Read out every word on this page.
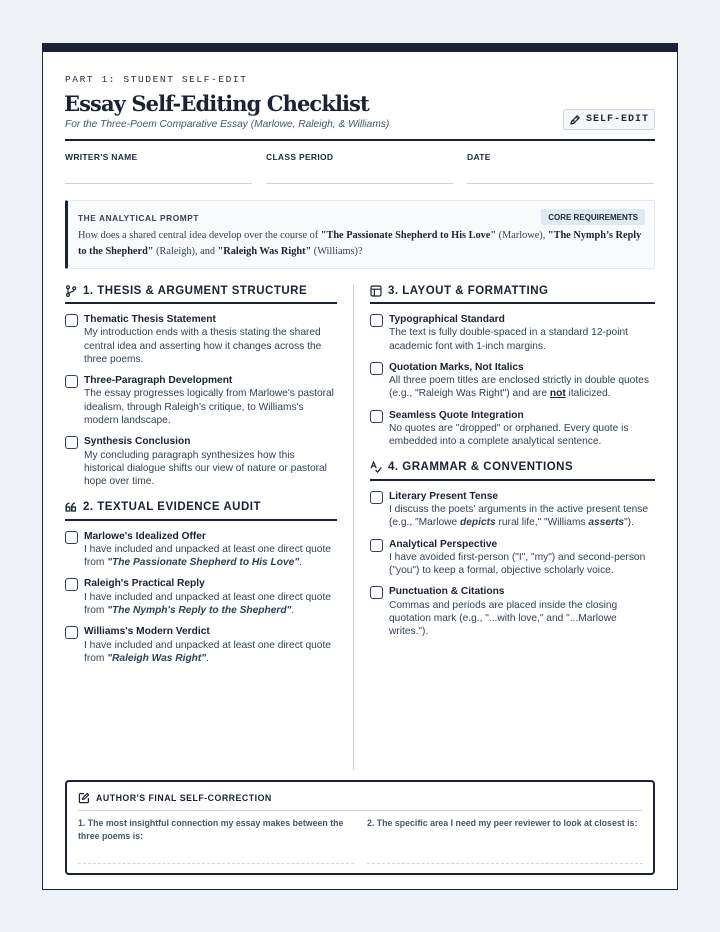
PART 1: STUDENT SELF-EDIT
Essay Self-Editing Checklist
For the Three-Poem Comparative Essay (Marlowe, Raleigh, & Williams)	SELF-EDIT
WRITER'S NAME	CLASS PERIOD	DATE
THE ANALYTICAL PROMPT	CORE REQUIREMENTS
How does a shared central idea develop over the course of "The Passionate Shepherd to His Love" (Marlowe), "The Nymph’s Reply to the Shepherd" (Raleigh), and "Raleigh Was Right" (Williams)?
1. THESIS & ARGUMENT STRUCTURE
Thematic Thesis Statement
My introduction ends with a thesis stating the shared central idea and asserting how it changes across the three poems.
Three-Paragraph Development
The essay progresses logically from Marlowe's pastoral idealism, through Raleigh's critique, to Williams's modern landscape.
Synthesis Conclusion
My concluding paragraph synthesizes how this historical dialogue shifts our view of nature or pastoral hope over time.
2. TEXTUAL EVIDENCE AUDIT
Marlowe's Idealized Offer
I have included and unpacked at least one direct quote from "The Passionate Shepherd to His Love".
Raleigh's Practical Reply
I have included and unpacked at least one direct quote from "The Nymph's Reply to the Shepherd".
Williams's Modern Verdict
I have included and unpacked at least one direct quote from "Raleigh Was Right".
3. LAYOUT & FORMATTING
Typographical Standard
The text is fully double-spaced in a standard 12-point academic font with 1-inch margins.
Quotation Marks, Not Italics
All three poem titles are enclosed strictly in double quotes (e.g., "Raleigh Was Right") and are not italicized.
Seamless Quote Integration
No quotes are "dropped" or orphaned. Every quote is embedded into a complete analytical sentence.
4. GRAMMAR & CONVENTIONS
Literary Present Tense
I discuss the poets' arguments in the active present tense (e.g., "Marlowe depicts rural life," "Williams asserts").
Analytical Perspective
I have avoided first-person ("I", "my") and second-person ("you") to keep a formal, objective scholarly voice.
Punctuation & Citations
Commas and periods are placed inside the closing quotation mark (e.g., "...with love," and "...Marlowe writes.").
AUTHOR'S FINAL SELF-CORRECTION
1. The most insightful connection my essay makes between the three poems is:
2. The specific area I need my peer reviewer to look at closest is:
